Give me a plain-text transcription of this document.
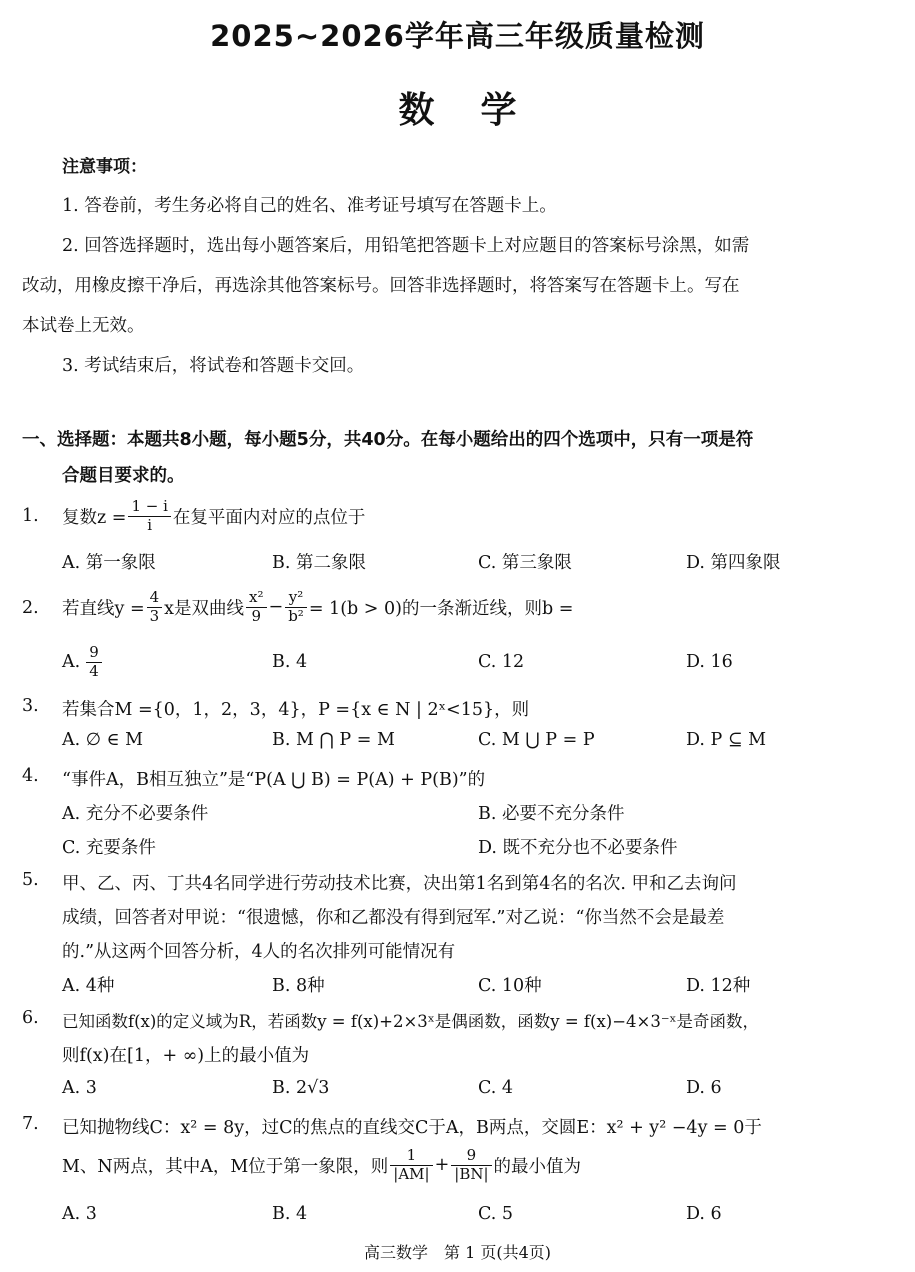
2025~2026学年高三年级质量检测
数学
注意事项：
1. 答卷前，考生务必将自己的姓名、准考证号填写在答题卡上。
2. 回答选择题时，选出每小题答案后，用铅笔把答题卡上对应题目的答案标号涂黑，如需
改动，用橡皮擦干净后，再选涂其他答案标号。回答非选择题时，将答案写在答题卡上。写在
本试卷上无效。
3. 考试结束后，将试卷和答题卡交回。
一、选择题：本题共8小题，每小题5分，共40分。在每小题给出的四个选项中，只有一项是符
合题目要求的。
1. 复数$z = \frac{1 - i}{i}$ 在复平面内对应的点位于
A. 第一象限	B. 第二象限	C. 第三象限	D. 第四象限
2. 若直线$y = \frac{4}{3}$ x是双曲线 $\frac{\text{x²}}{9} - \frac{\text{y²}}{\text{b²}} = 1(b > 0)$的一条渐近线，则b =
A. $\frac{9}{4}$	B. 4	C. 12	D. 16
3. 若集合M ={0，1，2，3，4}，P ={x ∈ N | 2ˣ<15}，则
A. ∅ ∈ M	B. M ⋂ P = M	C. M ⋃ P = P	D. P ⊆ M
4. “事件A，B相互独立”是“P(A ⋃ B) = P(A) + P(B)”的
A. 充分不必要条件	B. 必要不充分条件
C. 充要条件	D. 既不充分也不必要条件
5. 甲、乙、丙、丁共4名同学进行劳动技术比赛，决出第1名到第4名的名次. 甲和乙去询问
成绩，回答者对甲说：“很遗憾，你和乙都没有得到冠军.”对乙说：“你当然不会是最差
的.”从这两个回答分析，4人的名次排列可能情况有
A. 4种	B. 8种	C. 10种	D. 12种
6. 已知函数f(x)的定义域为R，若函数y = f(x)+2×3ˣ是偶函数，函数y = f(x)−4×3⁻ˣ是奇函数，
则f(x)在[1，+ ∞)上的最小值为
A. 3	B. 2√3	C. 4	D. 6
7. 已知抛物线C：x² = 8y，过C的焦点的直线交C于A，B两点，交圆E：x² + y² −4y = 0于
M、N两点，其中A，M位于第一象限，则 $\frac{1}{|AM|} + \frac{9}{|BN|}$ 的最小值为
A. 3	B. 4	C. 5	D. 6
高三数学　第 1 页(共4页)
